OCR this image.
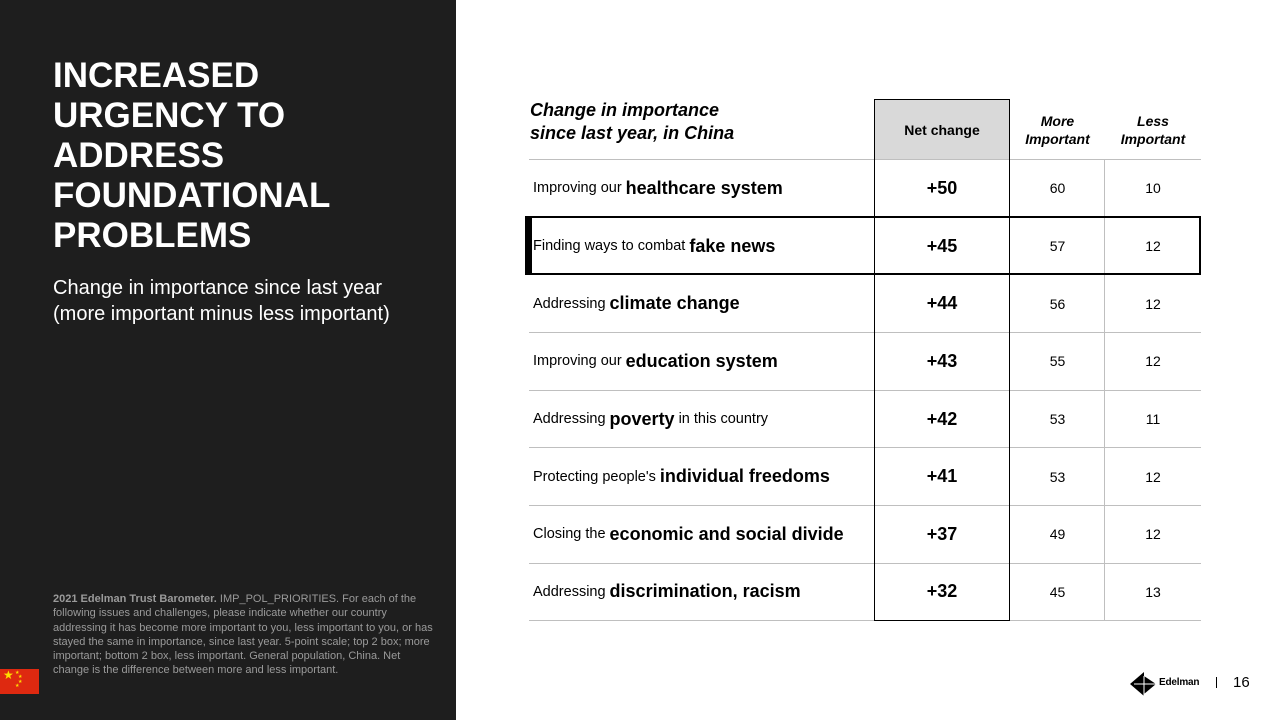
INCREASED
URGENCY TO
ADDRESS
FOUNDATIONAL
PROBLEMS
Change in importance since last year
(more important minus less important)
2021 Edelman Trust Barometer. IMP_POL_PRIORITIES. For each of the following issues and challenges, please indicate whether our country addressing it has become more important to you, less important to you, or has stayed the same in importance, since last year. 5-point scale; top 2 box; more important; bottom 2 box, less important. General population, China. Net change is the difference between more and less important.
★ ★
★
★
★
Change in importance
since last year, in China	Net change
More
Important
Less
Important
Improving our healthcare system	+50	60	10
Finding ways to combat fake news	+45	57	12
Addressing climate change	+44	56	12
Improving our education system	+43	55	12
Addressing poverty in this country	+42	53	11
Protecting people's individual freedoms	+41	53	12
Closing the economic and social divide	+37	49	12
Addressing discrimination, racism	+32	45	13
Edelman 16
